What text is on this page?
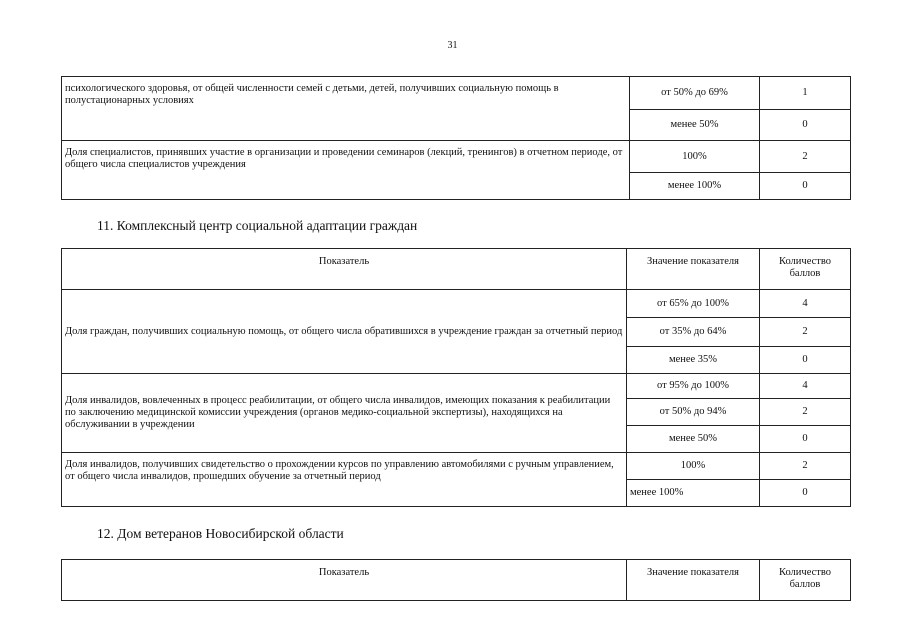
31
психологического здоровья, от общей численности семей с детьми, детей, получивших социальную помощь в полустационарных условиях	от 50% до 69%	1
	менее 50%	0
Доля специалистов, принявших участие в организации и проведении семинаров (лекций, тренингов) в отчетном периоде, от общего числа специалистов учреждения	100%	2
	менее 100%	0
11. Комплексный центр социальной адаптации граждан
Показатель	Значение показателя	Количество баллов
Доля граждан, получивших социальную помощь, от общего числа обратившихся в учреждение граждан за отчетный период	от 65% до 100%	4
	от 35% до 64%	2
	менее 35%	0
Доля инвалидов, вовлеченных в процесс реабилитации, от общего числа инвалидов, имеющих показания к реабилитации по заключению медицинской комиссии учреждения (органов медико-социальной экспертизы), находящихся на обслуживании в учреждении	от 95% до 100%	4
	от 50% до 94%	2
	менее 50%	0
Доля инвалидов, получивших свидетельство о прохождении курсов по управлению автомобилями с ручным управлением, от общего числа инвалидов, прошедших обучение за отчетный период	100%	2
	менее 100%	0
12. Дом ветеранов Новосибирской области
Показатель	Значение показателя	Количество баллов
